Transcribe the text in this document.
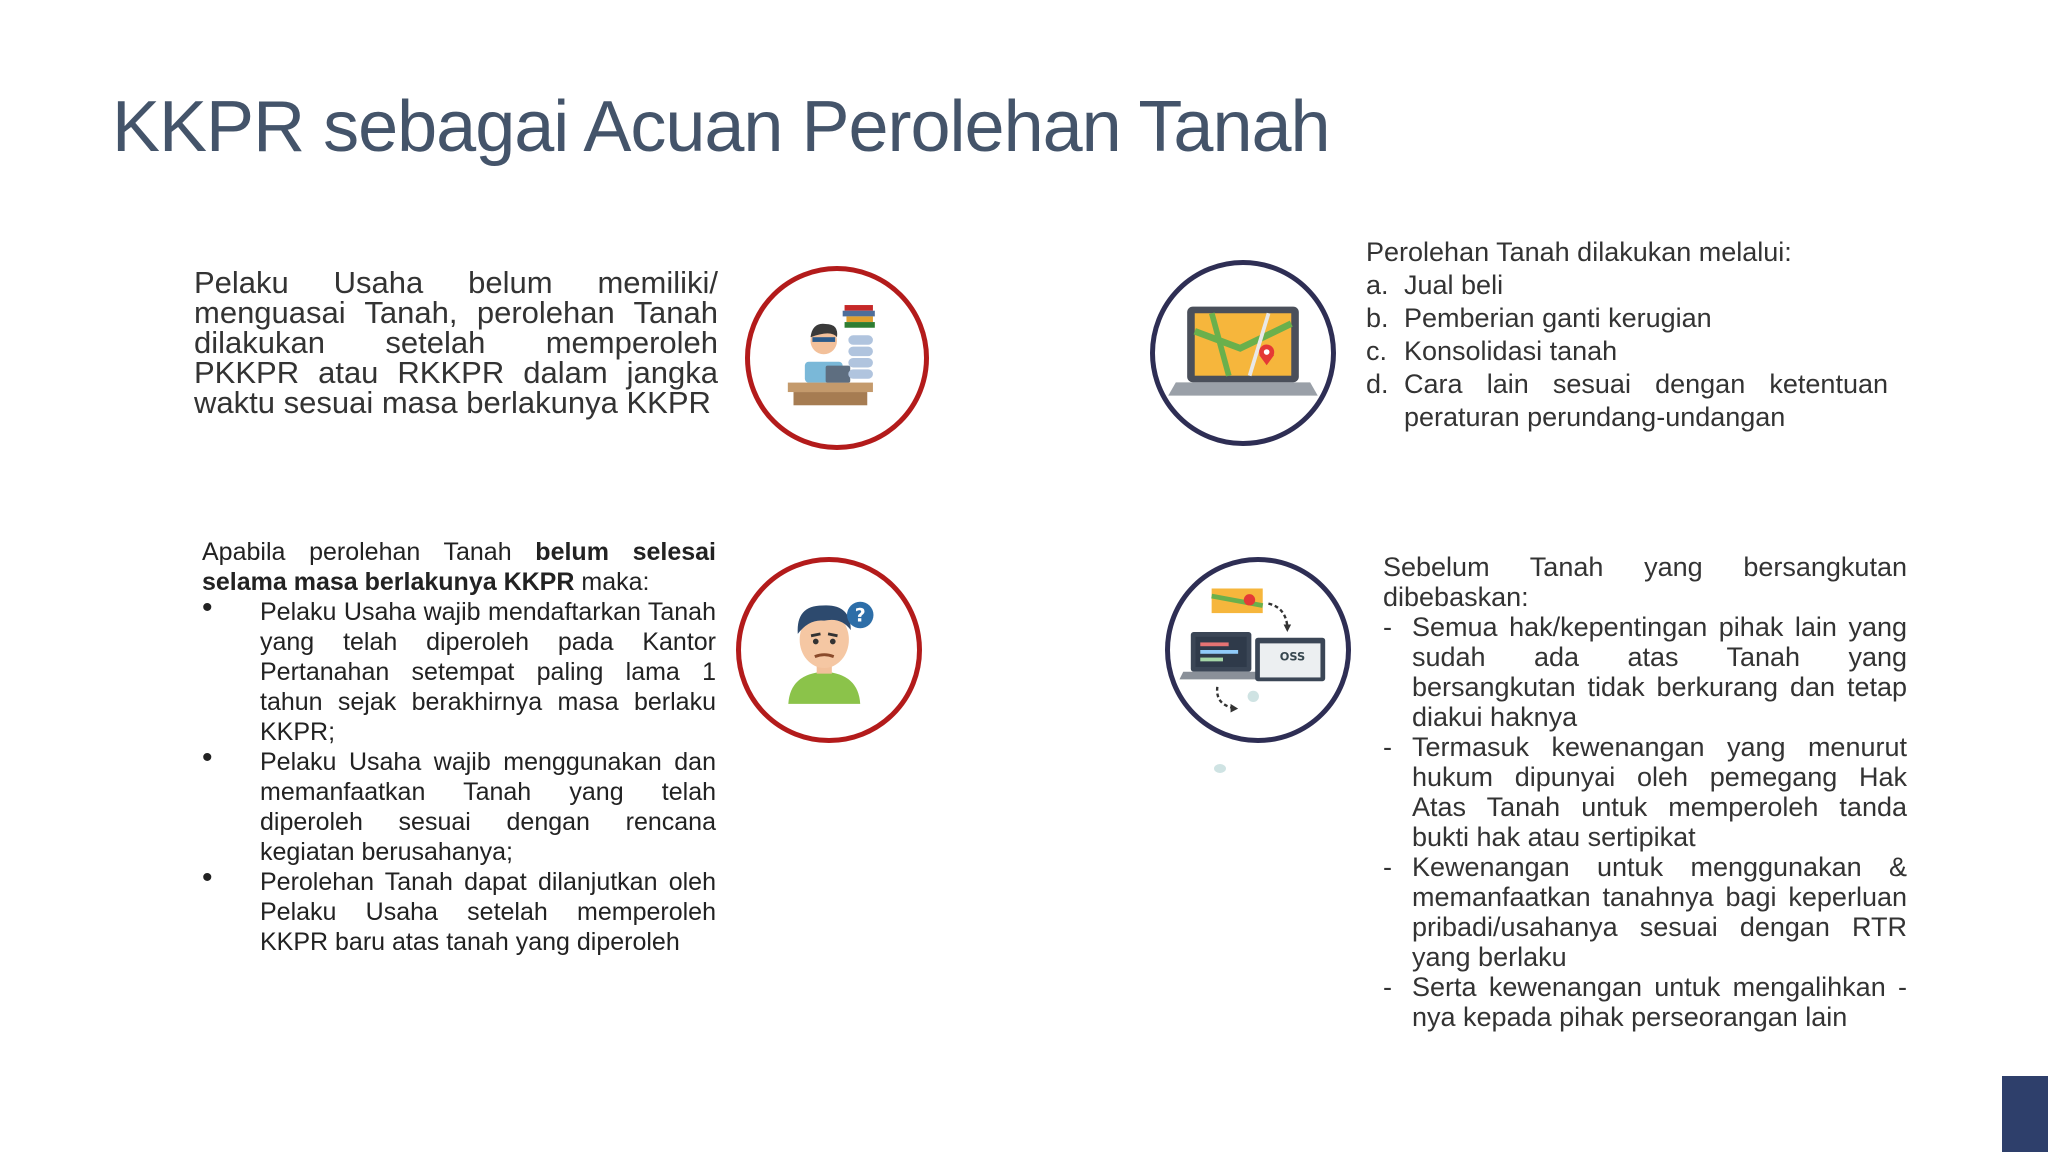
KKPR sebagai Acuan Perolehan Tanah

Pelaku Usaha belum memiliki/ menguasai Tanah, perolehan Tanah dilakukan setelah memperoleh PKKPR atau RKKPR dalam jangka waktu sesuai masa berlakunya KKPR

Perolehan Tanah dilakukan melalui:

a. Jual beli
b. Pemberian ganti kerugian
c. Konsolidasi tanah
d. Cara lain sesuai dengan ketentuan peraturan perundang-undangan

Apabila perolehan Tanah belum selesai selama masa berlakunya KKPR maka:

• Pelaku Usaha wajib mendaftarkan Tanah yang telah diperoleh pada Kantor Pertanahan setempat paling lama 1 tahun sejak berakhirnya masa berlaku KKPR;
• Pelaku Usaha wajib menggunakan dan memanfaatkan Tanah yang telah diperoleh sesuai dengan rencana kegiatan berusahanya;
• Perolehan Tanah dapat dilanjutkan oleh Pelaku Usaha setelah memperoleh KKPR baru atas tanah yang diperoleh
?
OSS

Sebelum Tanah yang bersangkutan dibebaskan:

- Semua hak/kepentingan pihak lain yang sudah ada atas Tanah yang bersangkutan tidak berkurang dan tetap diakui haknya
- Termasuk kewenangan yang menurut hukum dipunyai oleh pemegang Hak Atas Tanah untuk memperoleh tanda bukti hak atau sertipikat
- Kewenangan untuk menggunakan & memanfaatkan tanahnya bagi keperluan pribadi/usahanya sesuai dengan RTR yang berlaku
- Serta kewenangan untuk mengalihkan -nya kepada pihak perseorangan lain
